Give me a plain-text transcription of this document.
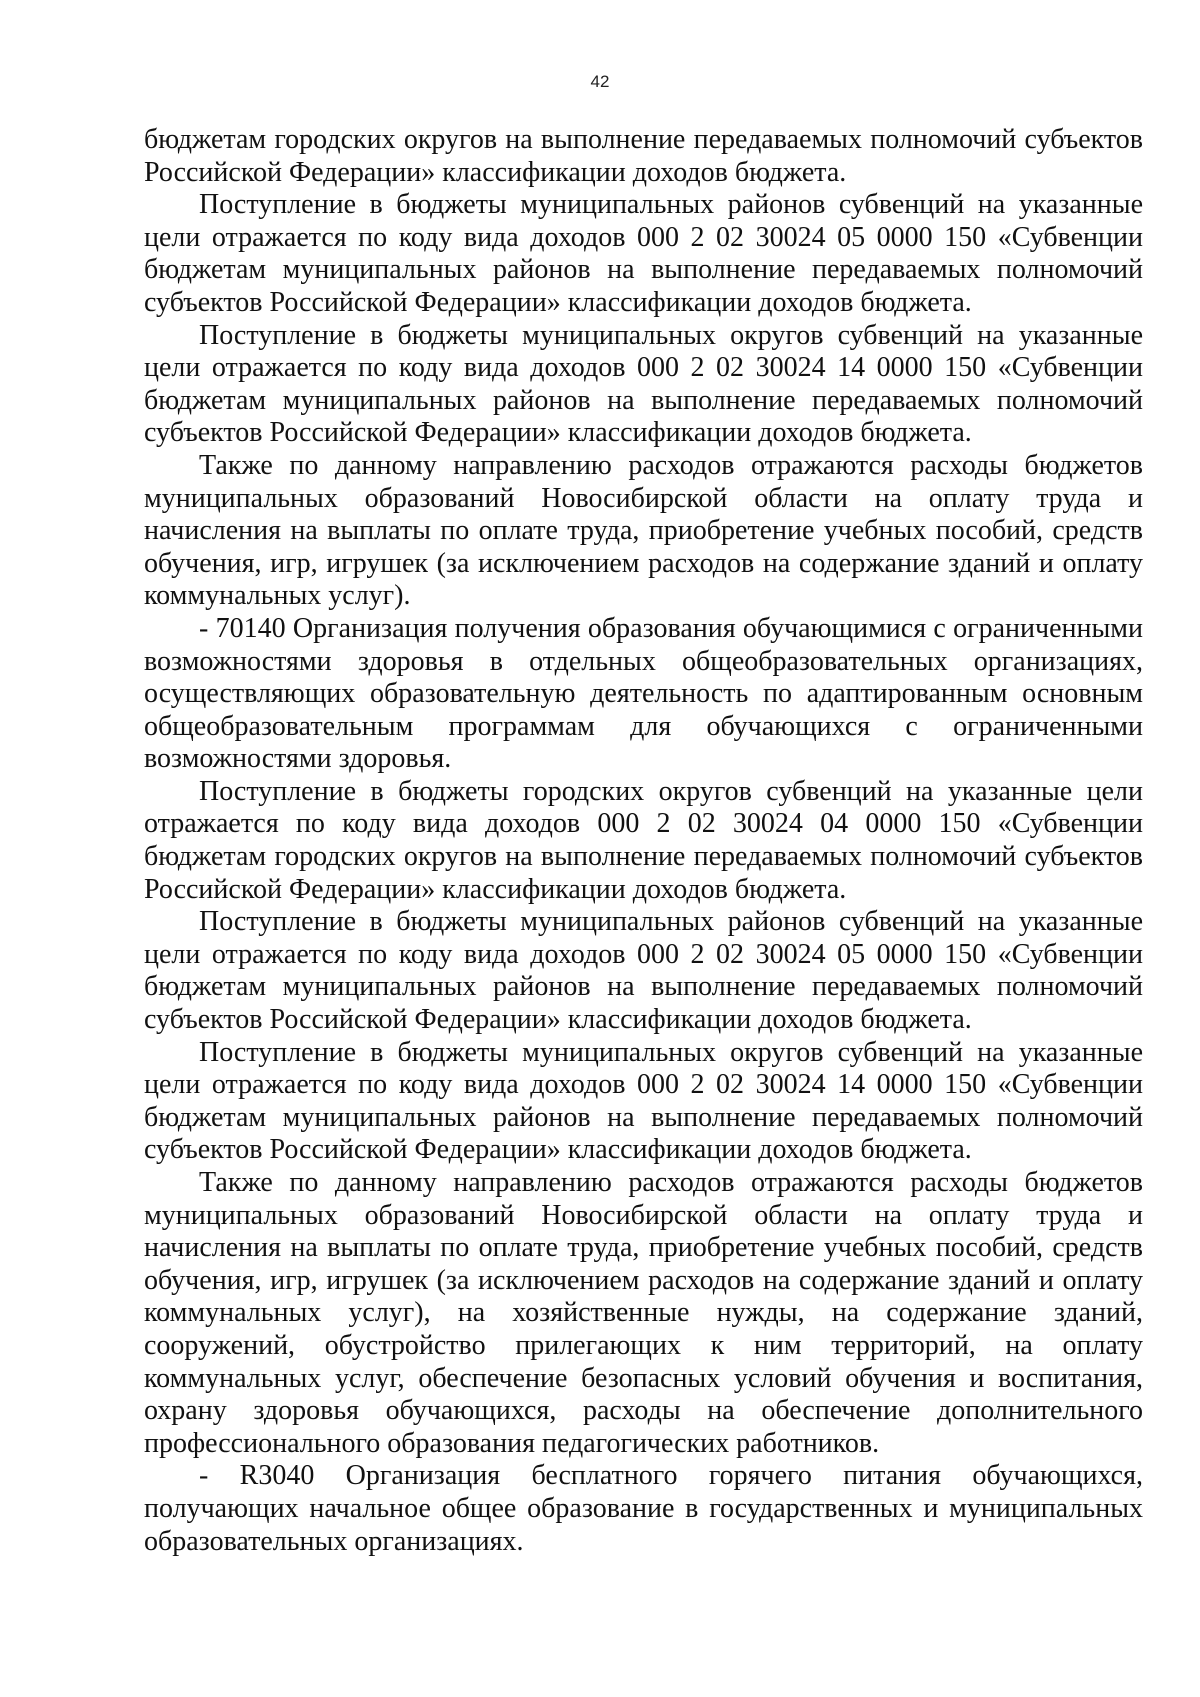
42

бюджетам городских округов на выполнение передаваемых полномочий субъектов Российской Федерации» классификации доходов бюджета.

Поступление в бюджеты муниципальных районов субвенций на указанные цели отражается по коду вида доходов 000 2 02 30024 05 0000 150 «Субвенции бюджетам муниципальных районов на выполнение передаваемых полномочий субъектов Российской Федерации» классификации доходов бюджета.

Поступление в бюджеты муниципальных округов субвенций на указанные цели отражается по коду вида доходов 000 2 02 30024 14 0000 150 «Субвенции бюджетам муниципальных районов на выполнение передаваемых полномочий субъектов Российской Федерации» классификации доходов бюджета.

Также по данному направлению расходов отражаются расходы бюджетов муниципальных образований Новосибирской области на оплату труда и начисления на выплаты по оплате труда, приобретение учебных пособий, средств обучения, игр, игрушек (за исключением расходов на содержание зданий и оплату коммунальных услуг).

- 70140 Организация получения образования обучающимися с ограниченными возможностями здоровья в отдельных общеобразовательных организациях, осуществляющих образовательную деятельность по адаптированным основным общеобразовательным программам для обучающихся с ограниченными возможностями здоровья.

Поступление в бюджеты городских округов субвенций на указанные цели отражается по коду вида доходов 000 2 02 30024 04 0000 150 «Субвенции бюджетам городских округов на выполнение передаваемых полномочий субъектов Российской Федерации» классификации доходов бюджета.

Поступление в бюджеты муниципальных районов субвенций на указанные цели отражается по коду вида доходов 000 2 02 30024 05 0000 150 «Субвенции бюджетам муниципальных районов на выполнение передаваемых полномочий субъектов Российской Федерации» классификации доходов бюджета.

Поступление в бюджеты муниципальных округов субвенций на указанные цели отражается по коду вида доходов 000 2 02 30024 14 0000 150 «Субвенции бюджетам муниципальных районов на выполнение передаваемых полномочий субъектов Российской Федерации» классификации доходов бюджета.

Также по данному направлению расходов отражаются расходы бюджетов муниципальных образований Новосибирской области на оплату труда и начисления на выплаты по оплате труда, приобретение учебных пособий, средств обучения, игр, игрушек (за исключением расходов на содержание зданий и оплату коммунальных услуг), на хозяйственные нужды, на содержание зданий, сооружений, обустройство прилегающих к ним территорий, на оплату коммунальных услуг, обеспечение безопасных условий обучения и воспитания, охрану здоровья обучающихся, расходы на обеспечение дополнительного профессионального образования педагогических работников.

- R3040 Организация бесплатного горячего питания обучающихся, получающих начальное общее образование в государственных и муниципальных образовательных организациях.
